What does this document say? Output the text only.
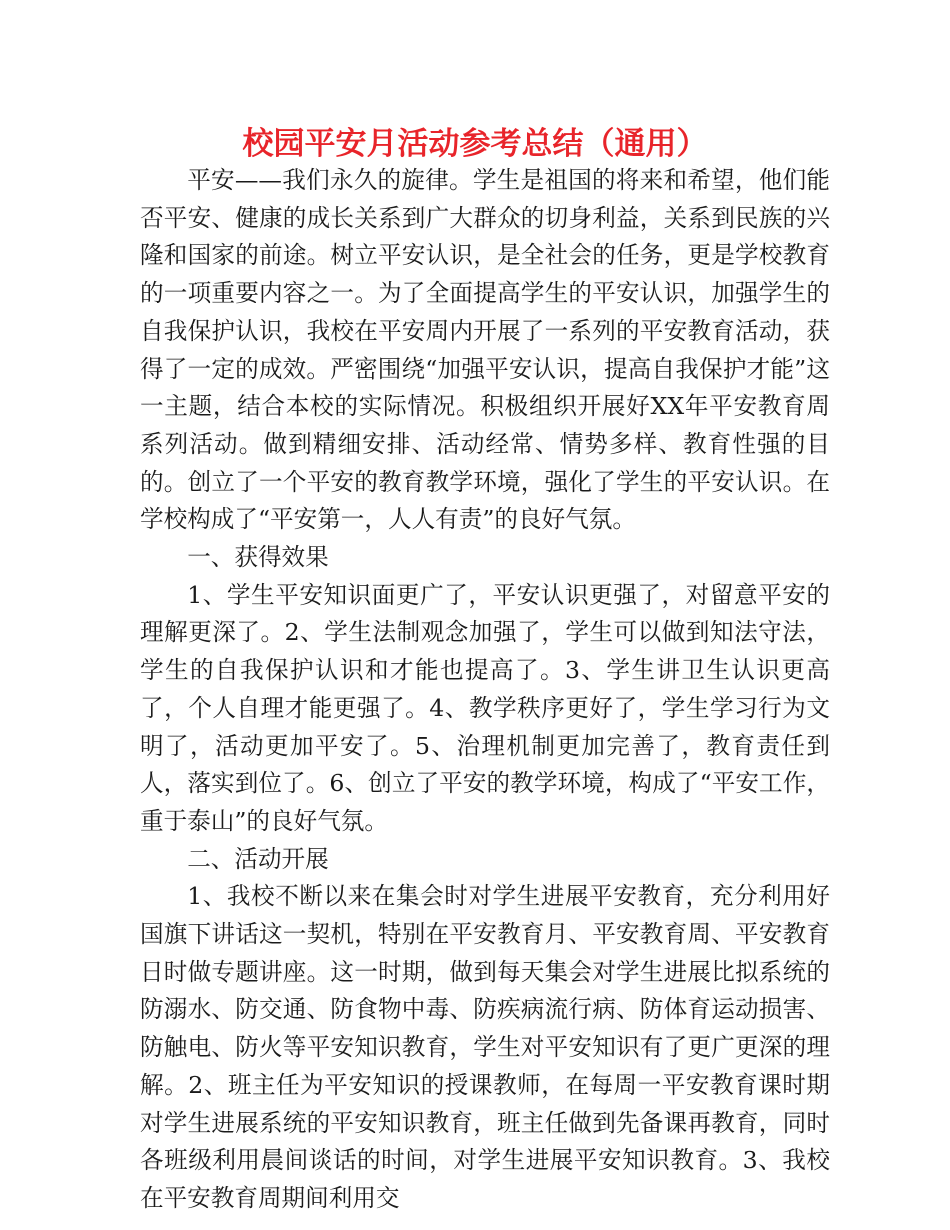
校园平安月活动参考总结（通用）

平安——我们永久的旋律。学生是祖国的将来和希望，他们能否平安、健康的成长关系到广大群众的切身利益，关系到民族的兴隆和国家的前途。树立平安认识，是全社会的任务，更是学校教育的一项重要内容之一。为了全面提高学生的平安认识，加强学生的自我保护认识，我校在平安周内开展了一系列的平安教育活动，获得了一定的成效。严密围绕“加强平安认识，提高自我保护才能”这一主题，结合本校的实际情况。积极组织开展好XX年平安教育周系列活动。做到精细安排、活动经常、情势多样、教育性强的目的。创立了一个平安的教育教学环境，强化了学生的平安认识。在学校构成了“平安第一，人人有责”的良好气氛。

一、获得效果

1、学生平安知识面更广了，平安认识更强了，对留意平安的理解更深了。2、学生法制观念加强了，学生可以做到知法守法，学生的自我保护认识和才能也提高了。3、学生讲卫生认识更高了，个人自理才能更强了。4、教学秩序更好了，学生学习行为文明了，活动更加平安了。5、治理机制更加完善了，教育责任到人，落实到位了。6、创立了平安的教学环境，构成了“平安工作，重于泰山”的良好气氛。

二、活动开展

1、我校不断以来在集会时对学生进展平安教育，充分利用好国旗下讲话这一契机，特别在平安教育月、平安教育周、平安教育日时做专题讲座。这一时期，做到每天集会对学生进展比拟系统的防溺水、防交通、防食物中毒、防疾病流行病、防体育运动损害、防触电、防火等平安知识教育，学生对平安知识有了更广更深的理解。2、班主任为平安知识的授课教师，在每周一平安教育课时期对学生进展系统的平安知识教育，班主任做到先备课再教育，同时各班级利用晨间谈话的时间，对学生进展平安知识教育。3、我校在平安教育周期间利用交
